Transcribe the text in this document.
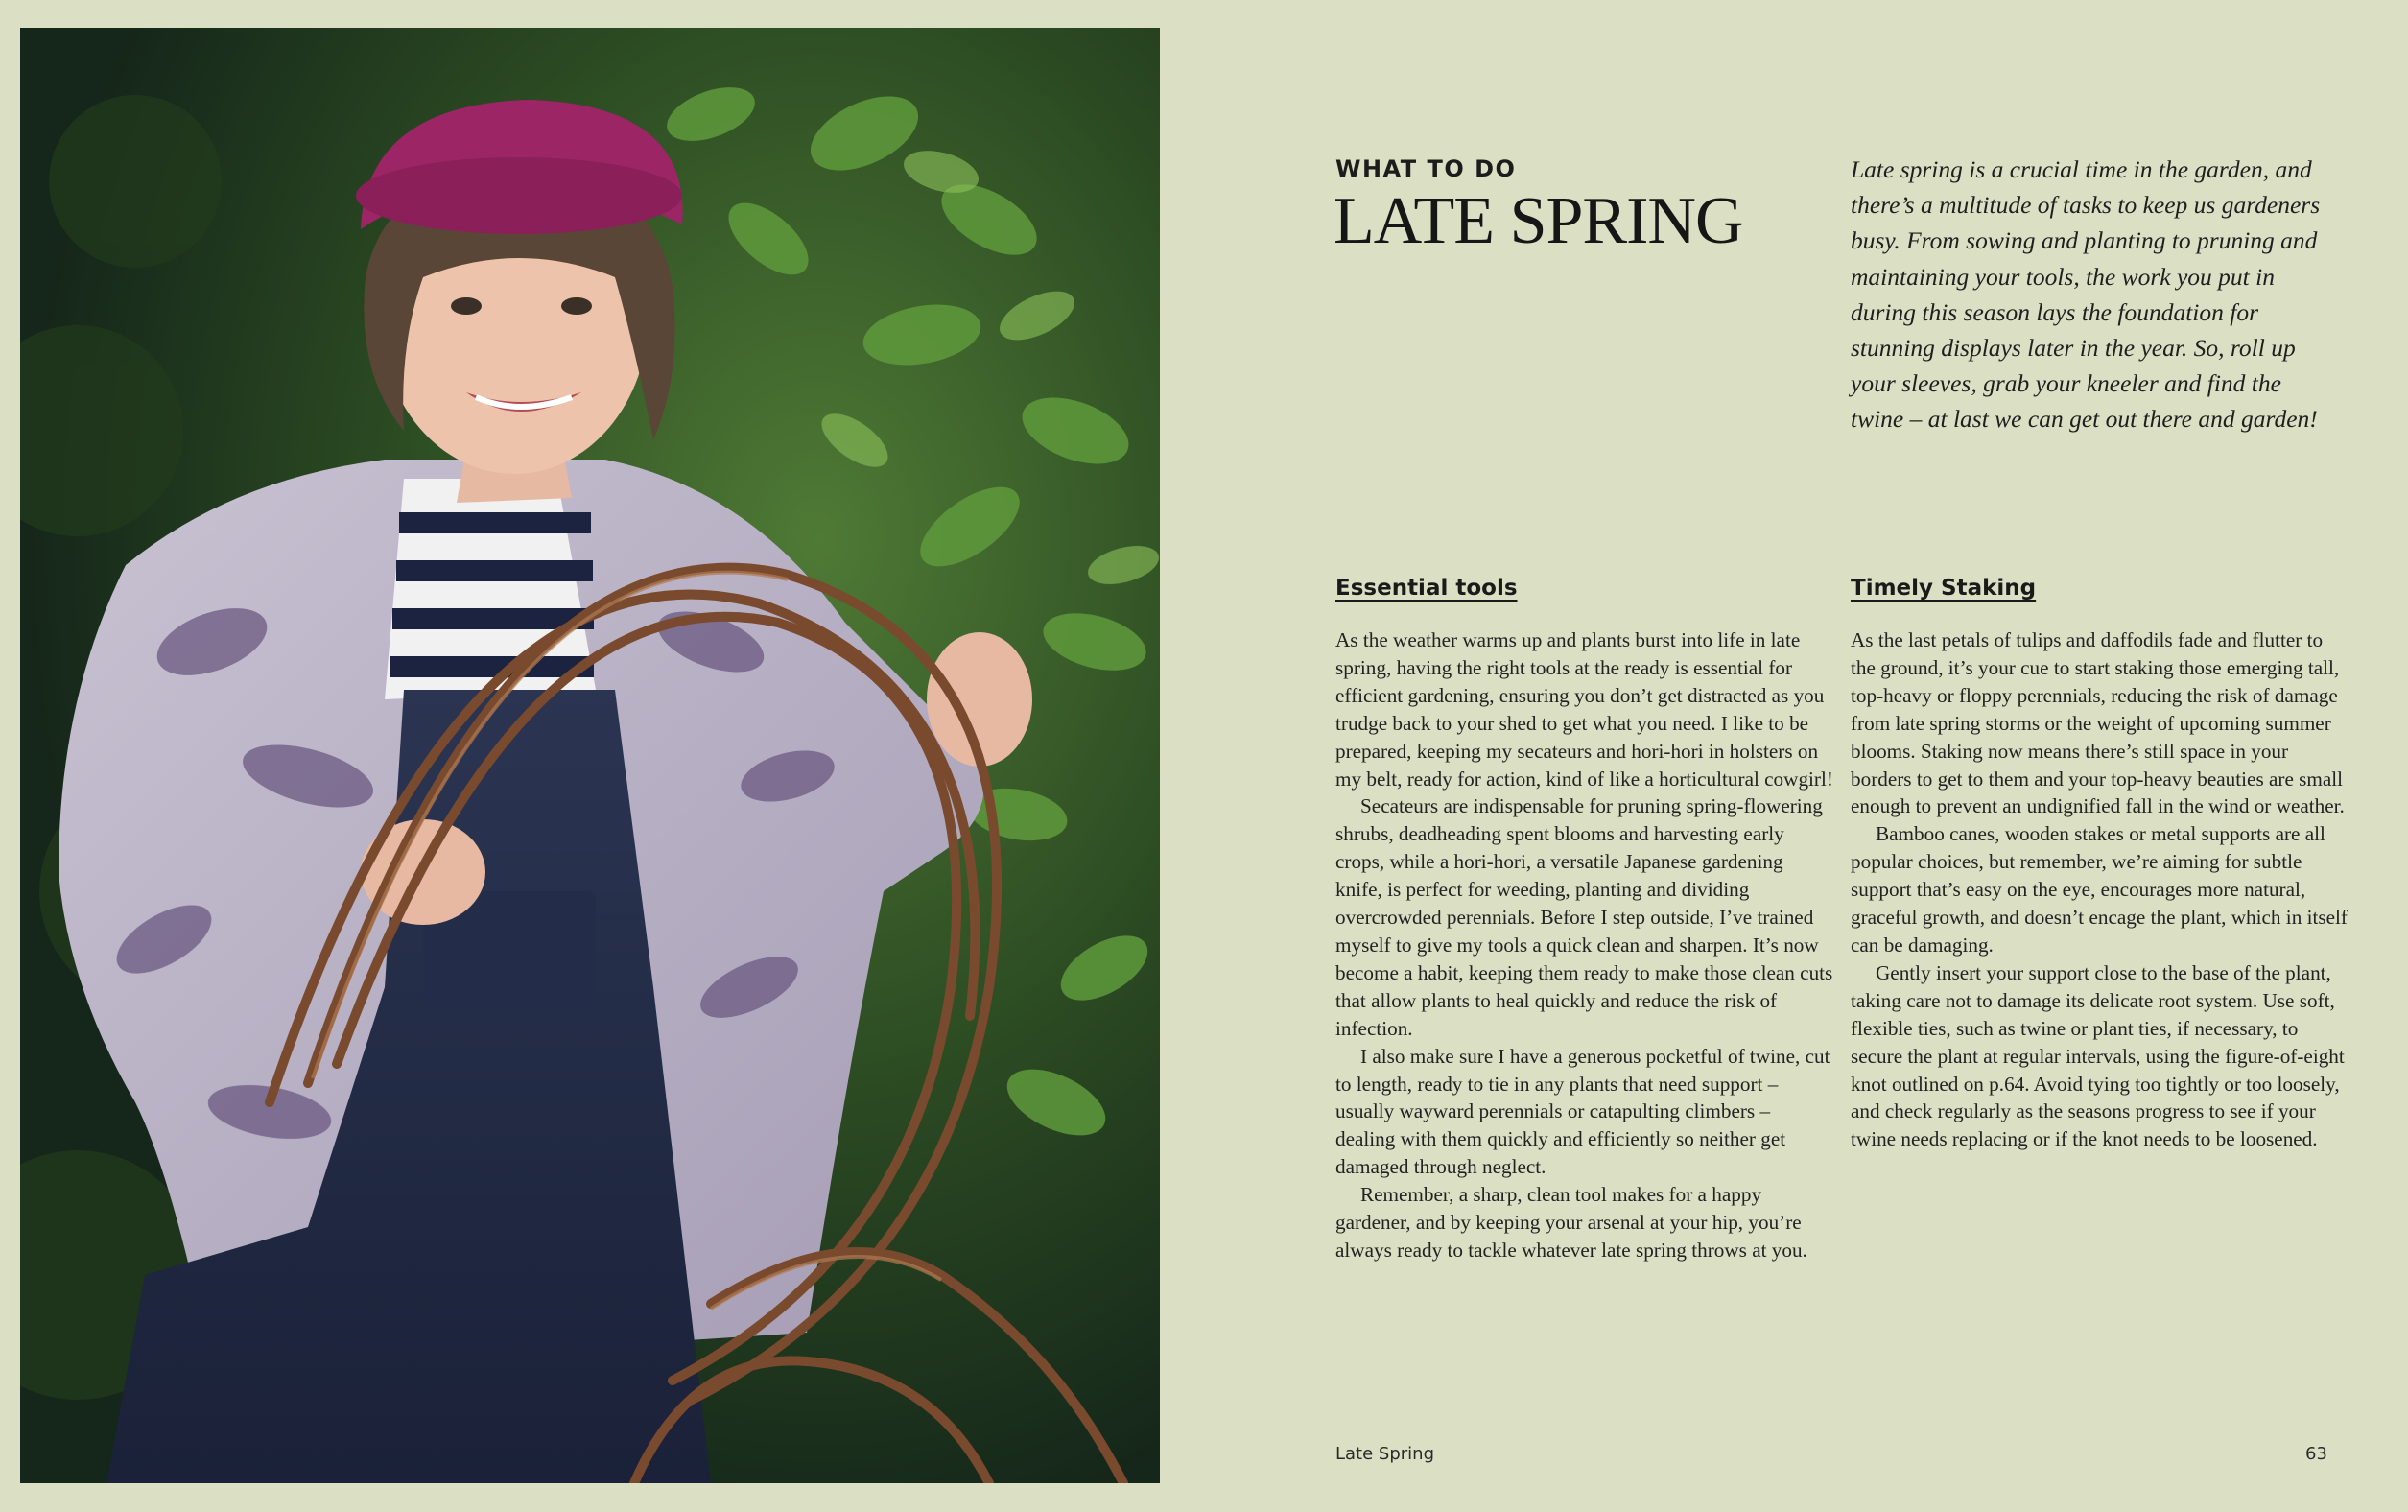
WHAT TO DO
LATE SPRING
Late spring is a crucial time in the garden, and there’s a multitude of tasks to keep us gardeners busy. From sowing and planting to pruning and maintaining your tools, the work you put in during this season lays the foundation for stunning displays later in the year. So, roll up your sleeves, grab your kneeler and find the twine – at last we can get out there and garden!
Essential tools

As the weather warms up and plants burst into life in late spring, having the right tools at the ready is essential for efficient gardening, ensuring you don’t get distracted as you trudge back to your shed to get what you need. I like to be prepared, keeping my secateurs and hori-hori in holsters on my belt, ready for action, kind of like a horticultural cowgirl!

Secateurs are indispensable for pruning spring-flowering shrubs, deadheading spent blooms and harvesting early crops, while a hori-hori, a versatile Japanese gardening knife, is perfect for weeding, planting and dividing overcrowded perennials. Before I step outside, I’ve trained myself to give my tools a quick clean and sharpen. It’s now become a habit, keeping them ready to make those clean cuts that allow plants to heal quickly and reduce the risk of infection.

I also make sure I have a generous pocketful of twine, cut to length, ready to tie in any plants that need support – usually wayward perennials or catapulting climbers – dealing with them quickly and efficiently so neither get damaged through neglect.

Remember, a sharp, clean tool makes for a happy gardener, and by keeping your arsenal at your hip, you’re always ready to tackle whatever late spring throws at you.

Timely Staking

As the last petals of tulips and daffodils fade and flutter to the ground, it’s your cue to start staking those emerging tall, top-heavy or floppy perennials, reducing the risk of damage from late spring storms or the weight of upcoming summer blooms. Staking now means there’s still space in your borders to get to them and your top-heavy beauties are small enough to prevent an undignified fall in the wind or weather.

Bamboo canes, wooden stakes or metal supports are all popular choices, but remember, we’re aiming for subtle support that’s easy on the eye, encourages more natural, graceful growth, and doesn’t encage the plant, which in itself can be damaging.

Gently insert your support close to the base of the plant, taking care not to damage its delicate root system. Use soft, flexible ties, such as twine or plant ties, if necessary, to secure the plant at regular intervals, using the figure-of-eight knot outlined on p.64. Avoid tying too tightly or too loosely, and check regularly as the seasons progress to see if your twine needs replacing or if the knot needs to be loosened.

Late Spring	63
